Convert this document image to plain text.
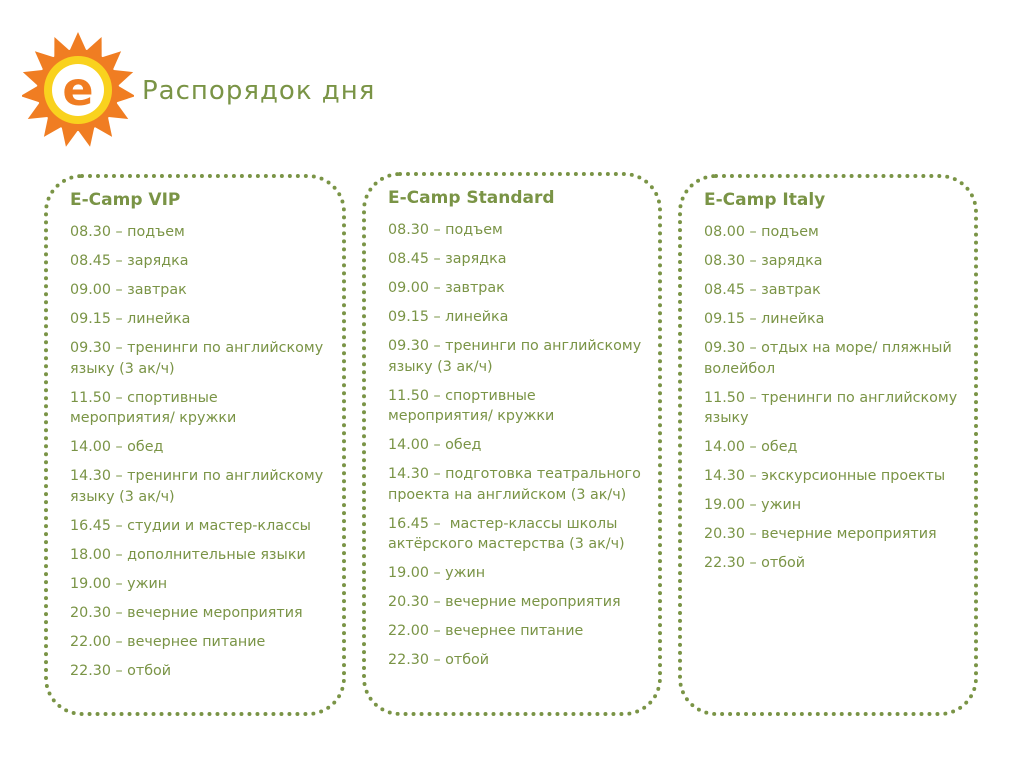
e Распорядок дня
E-Camp VIP
08.30 – подъем
08.45 – зарядка
09.00 – завтрак
09.15 – линейка
09.30 – тренинги по английскому языку (3 ак/ч)
11.50 – спортивные мероприятия/ кружки
14.00 – обед
14.30 – тренинги по английскому языку (3 ак/ч)
16.45 – студии и мастер-классы
18.00 – дополнительные языки
19.00 – ужин
20.30 – вечерние мероприятия
22.00 – вечернее питание
22.30 – отбой
E-Camp Standard
08.30 – подъем
08.45 – зарядка
09.00 – завтрак
09.15 – линейка
09.30 – тренинги по английскому языку (3 ак/ч)
11.50 – спортивные мероприятия/ кружки
14.00 – обед
14.30 – подготовка театрального проекта на английском (3 ак/ч)
16.45 –  мастер-классы школы актёрского мастерства (3 ак/ч)
19.00 – ужин
20.30 – вечерние мероприятия
22.00 – вечернее питание
22.30 – отбой
E-Camp Italy
08.00 – подъем
08.30 – зарядка
08.45 – завтрак
09.15 – линейка
09.30 – отдых на море/ пляжный волейбол
11.50 – тренинги по английскому языку
14.00 – обед
14.30 – экскурсионные проекты
19.00 – ужин
20.30 – вечерние мероприятия
22.30 – отбой
